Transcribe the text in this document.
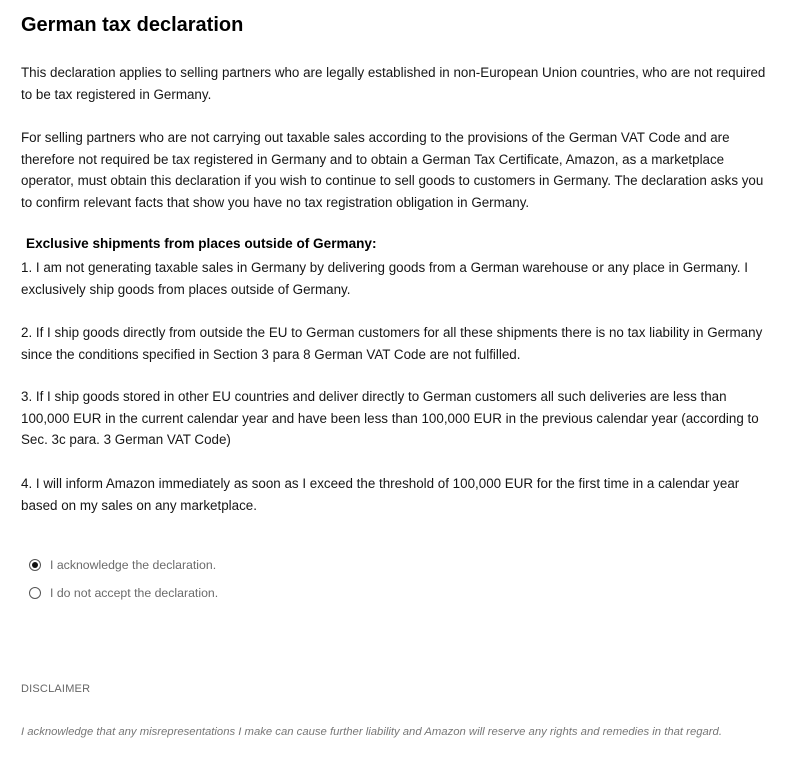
German tax declaration

This declaration applies to selling partners who are legally established in non-European Union countries, who are not required to be tax registered in Germany.

For selling partners who are not carrying out taxable sales according to the provisions of the German VAT Code and are therefore not required be tax registered in Germany and to obtain a German Tax Certificate, Amazon, as a marketplace operator, must obtain this declaration if you wish to continue to sell goods to customers in Germany. The declaration asks you to confirm relevant facts that show you have no tax registration obligation in Germany.

Exclusive shipments from places outside of Germany:

1. I am not generating taxable sales in Germany by delivering goods from a German warehouse or any place in Germany. I exclusively ship goods from places outside of Germany.

2. If I ship goods directly from outside the EU to German customers for all these shipments there is no tax liability in Germany since the conditions specified in Section 3 para 8 German VAT Code are not fulfilled.

3. If I ship goods stored in other EU countries and deliver directly to German customers all such deliveries are less than 100,000 EUR in the current calendar year and have been less than 100,000 EUR in the previous calendar year (according to Sec. 3c para. 3 German VAT Code)

4. I will inform Amazon immediately as soon as I exceed the threshold of 100,000 EUR for the first time in a calendar year based on my sales on any marketplace.

I acknowledge the declaration.
I do not accept the declaration.

DISCLAIMER

I acknowledge that any misrepresentations I make can cause further liability and Amazon will reserve any rights and remedies in that regard.
